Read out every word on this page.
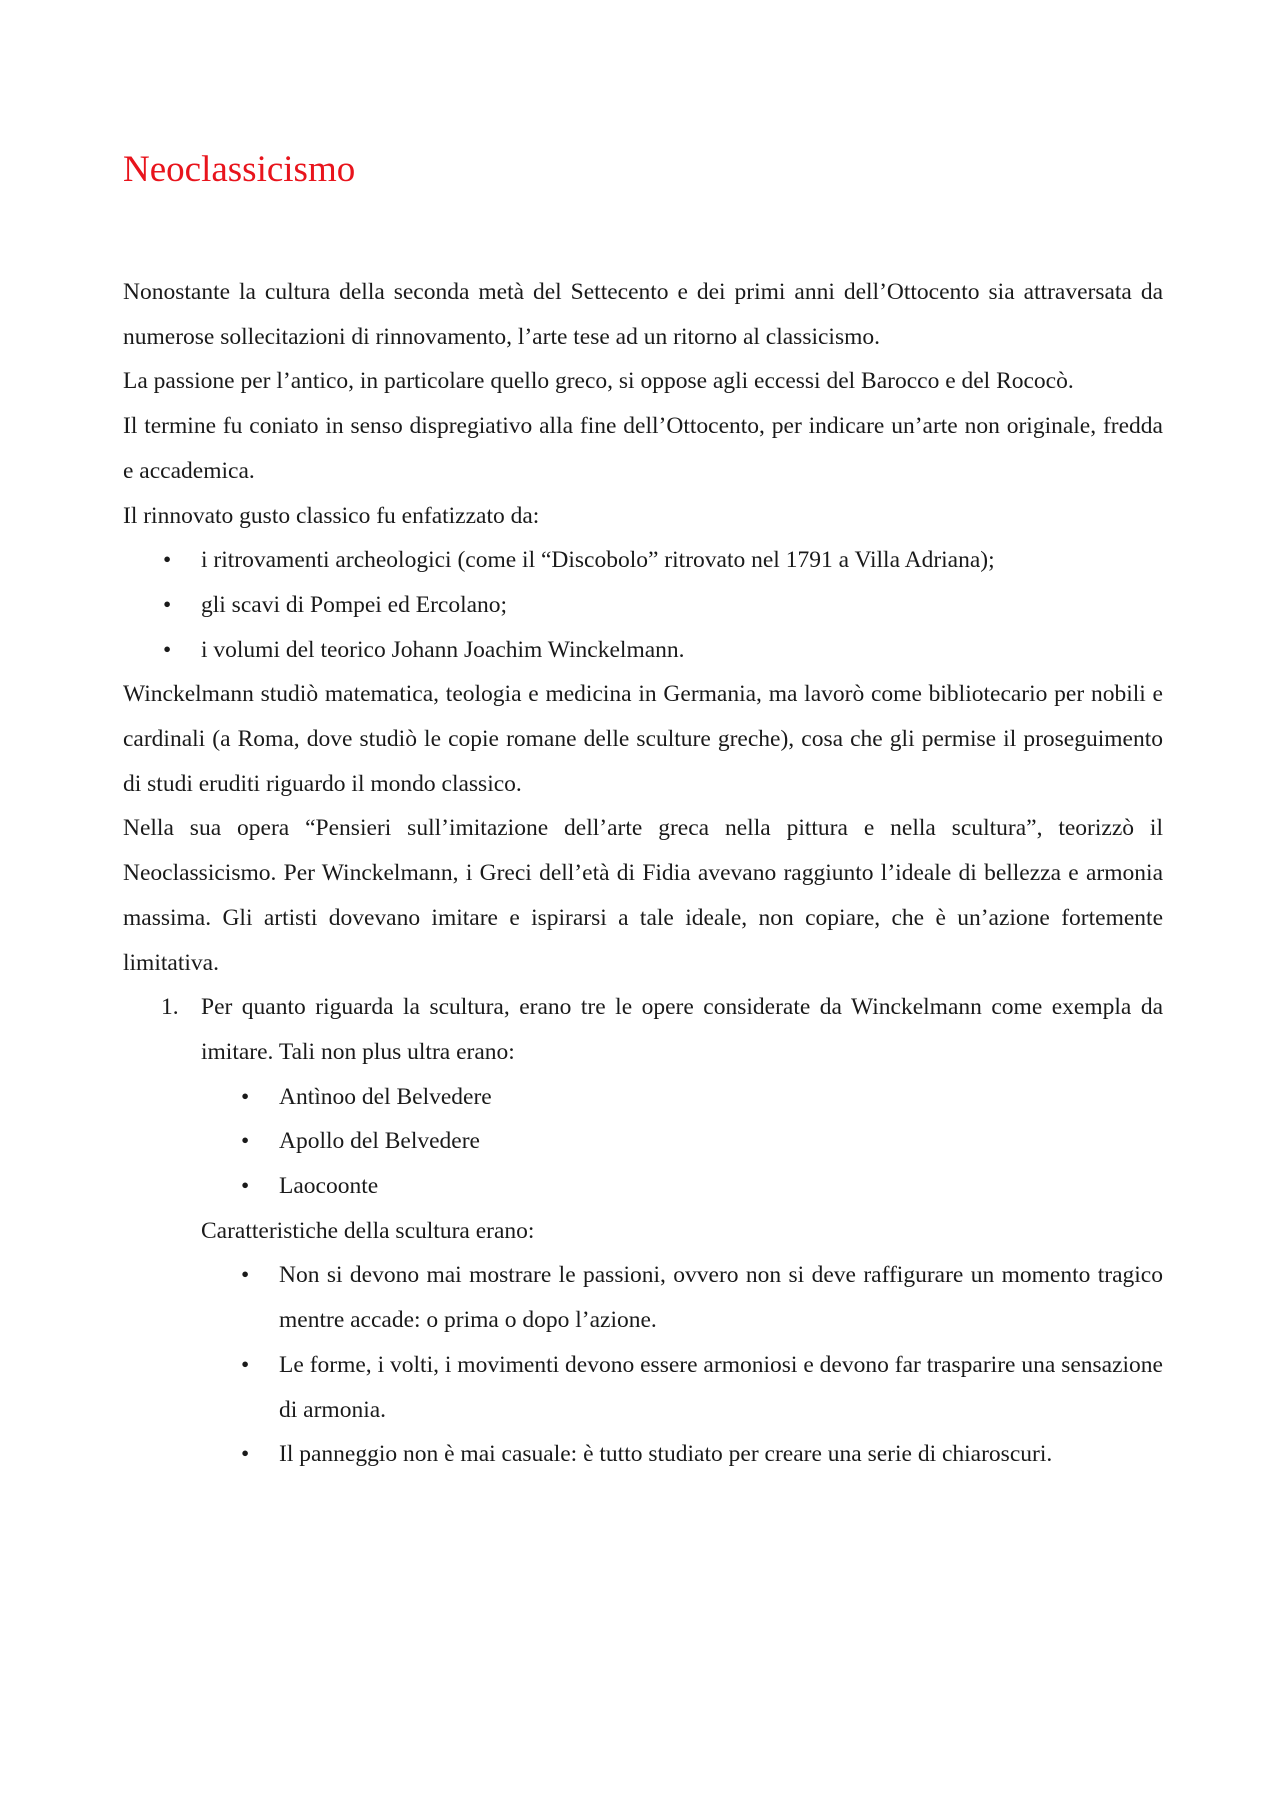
Neoclassicismo

Nonostante la cultura della seconda metà del Settecento e dei primi anni dell’Ottocento sia attraversata da numerose sollecitazioni di rinnovamento, l’arte tese ad un ritorno al classicismo.

La passione per l’antico, in particolare quello greco, si oppose agli eccessi del Barocco e del Rococò.

Il termine fu coniato in senso dispregiativo alla fine dell’Ottocento, per indicare un’arte non originale, fredda e accademica.

Il rinnovato gusto classico fu enfatizzato da:

• i ritrovamenti archeologici (come il “Discobolo” ritrovato nel 1791 a Villa Adriana);
• gli scavi di Pompei ed Ercolano;
• i volumi del teorico Johann Joachim Winckelmann.

Winckelmann studiò matematica, teologia e medicina in Germania, ma lavorò come bibliotecario per nobili e cardinali (a Roma, dove studiò le copie romane delle sculture greche), cosa che gli permise il proseguimento di studi eruditi riguardo il mondo classico.

Nella sua opera “Pensieri sull’imitazione dell’arte greca nella pittura e nella scultura”, teorizzò il Neoclassicismo. Per Winckelmann, i Greci dell’età di Fidia avevano raggiunto l’ideale di bellezza e armonia massima. Gli artisti dovevano imitare e ispirarsi a tale ideale, non copiare, che è un’azione fortemente limitativa.

1. Per quanto riguarda la scultura, erano tre le opere considerate da Winckelmann come exempla da imitare. Tali non plus ultra erano:
• Antìnoo del Belvedere
• Apollo del Belvedere
• Laocoonte

Caratteristiche della scultura erano:

• Non si devono mai mostrare le passioni, ovvero non si deve raffigurare un momento tragico mentre accade: o prima o dopo l’azione.
• Le forme, i volti, i movimenti devono essere armoniosi e devono far trasparire una sensazione di armonia.
• Il panneggio non è mai casuale: è tutto studiato per creare una serie di chiaroscuri.
